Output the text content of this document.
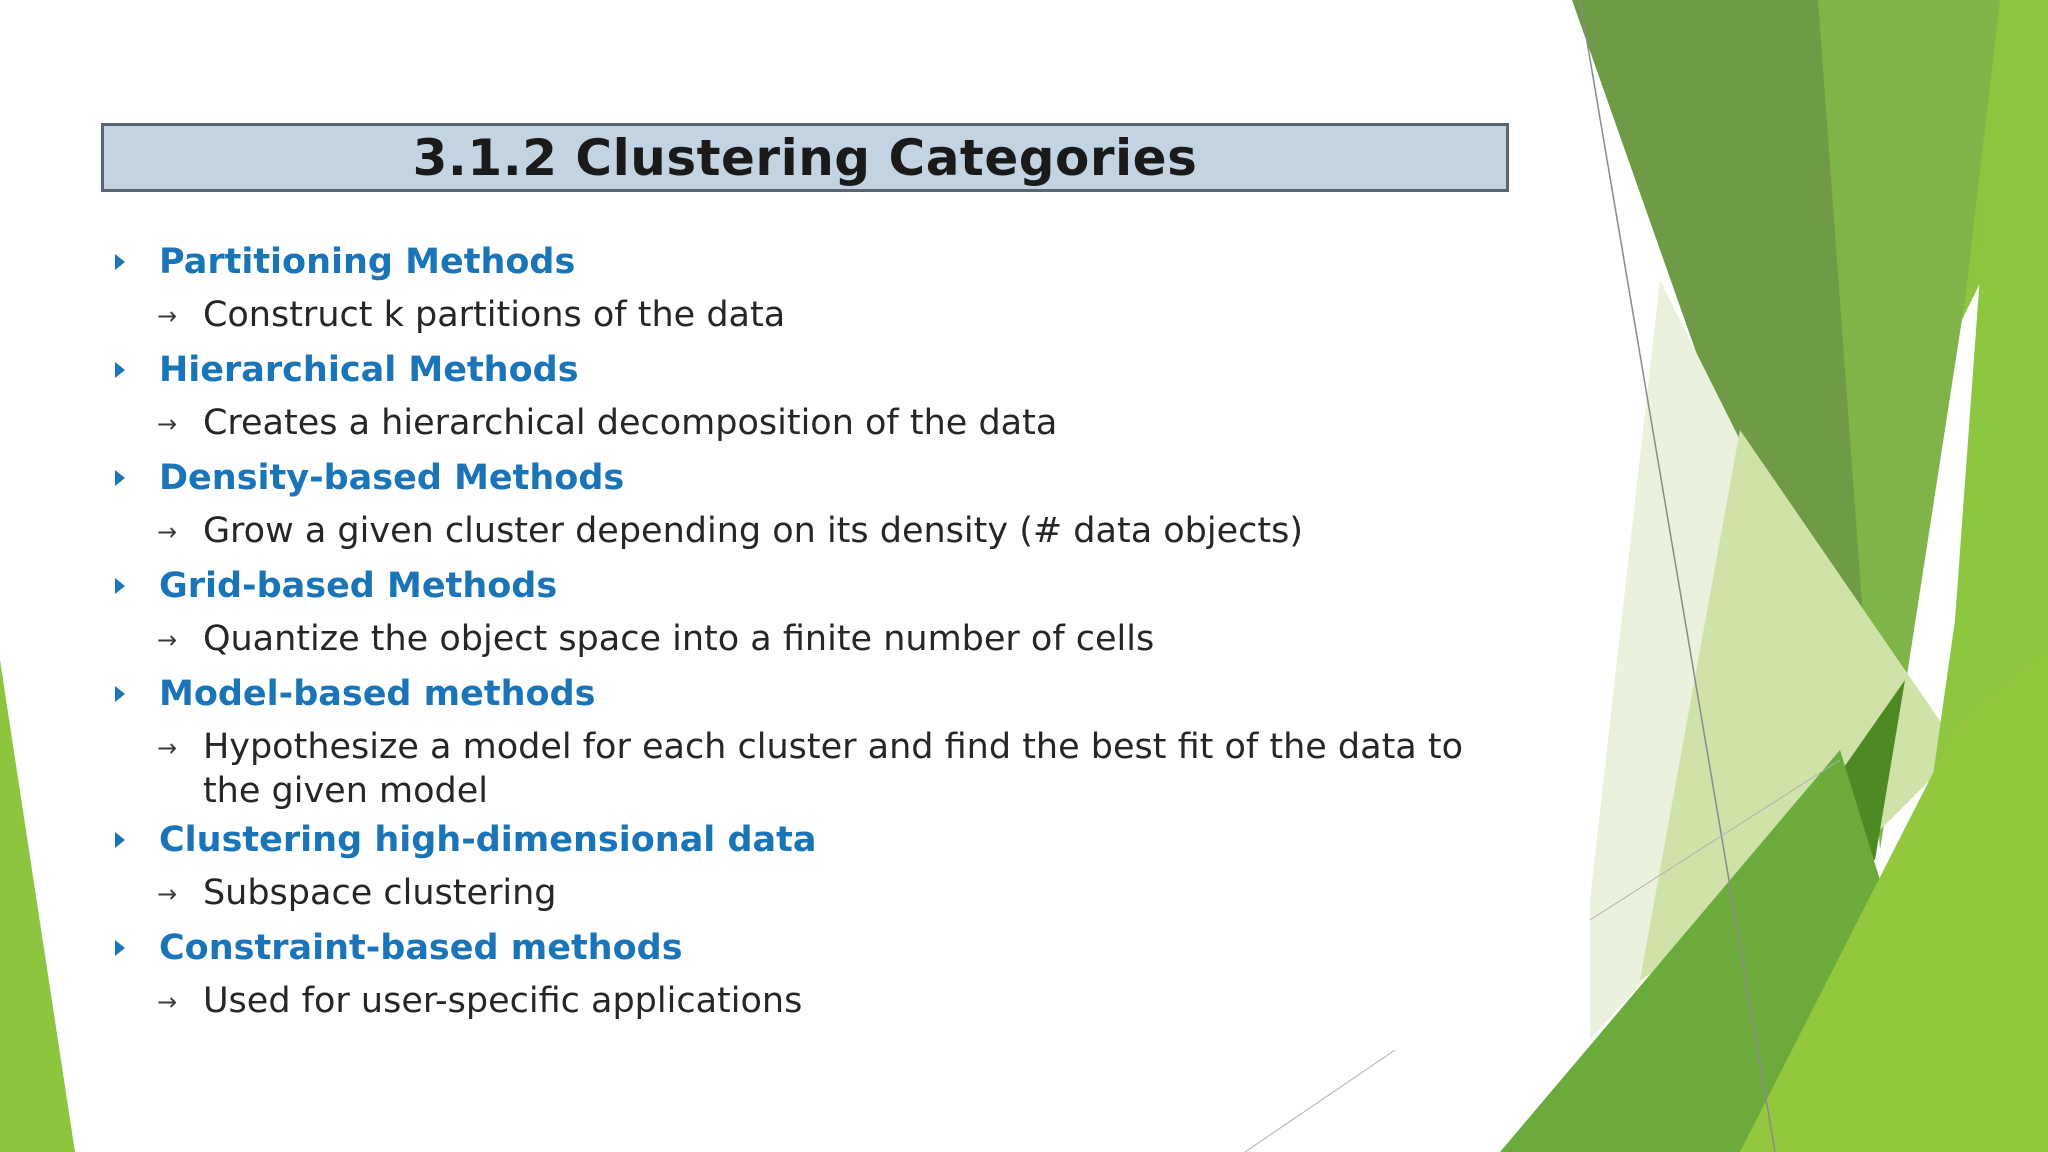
3.1.2 Clustering Categories
Partitioning Methods
→ Construct k partitions of the data
Hierarchical Methods
→ Creates a hierarchical decomposition of the data
Density-based Methods
→ Grow a given cluster depending on its density (# data objects)
Grid-based Methods
→ Quantize the object space into a finite number of cells
Model-based methods
→ Hypothesize a model for each cluster and find the best fit of the data to the given model
Clustering high-dimensional data
→ Subspace clustering
Constraint-based methods
→ Used for user-specific applications
